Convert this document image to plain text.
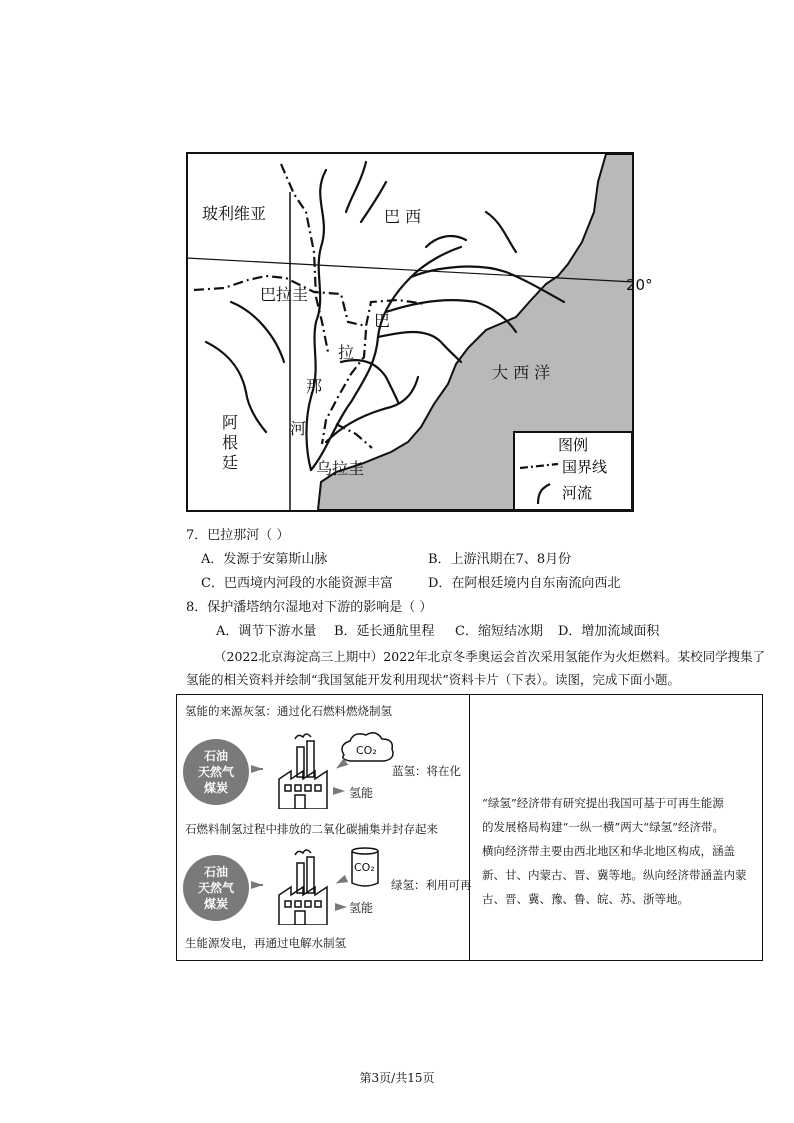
玻利维亚	巴 西
巴拉圭
巴
拉
那
河
大 西 洋
阿
根
廷	乌拉圭
图例
国界线
河流
20°
7．巴拉那河（ ）
A．发源于安第斯山脉	B．上游汛期在7、8月份
C．巴西境内河段的水能资源丰富	D．在阿根廷境内自东南流向西北
8．保护潘塔纳尔湿地对下游的影响是（ ）
A．调节下游水量 B．延长通航里程 C．缩短结冰期 D．增加流域面积
（2022北京海淀高三上期中）2022年北京冬季奥运会首次采用氢能作为火炬燃料。某校同学搜集了
氢能的相关资料并绘制“我国氢能开发利用现状”资料卡片（下表）。读图，完成下面小题。
氢能的来源灰氢：通过化石燃料燃烧制氢
石油
天然气
煤炭
CO₂
氢能
蓝氢：将在化
石燃料制氢过程中排放的二氧化碳捕集并封存起来
石油
天然气
煤炭
CO₂
氢能
绿氢：利用可再
生能源发电，再通过电解水制氢

“绿氢”经济带有研究提出我国可基于可再生能源
的发展格局构建“一纵一横”两大“绿氢”经济带。
横向经济带主要由西北地区和华北地区构成，涵盖
新、甘、内蒙古、晋、冀等地。纵向经济带涵盖内蒙
古、晋、冀、豫、鲁、皖、苏、浙等地。
第3页/共15页
